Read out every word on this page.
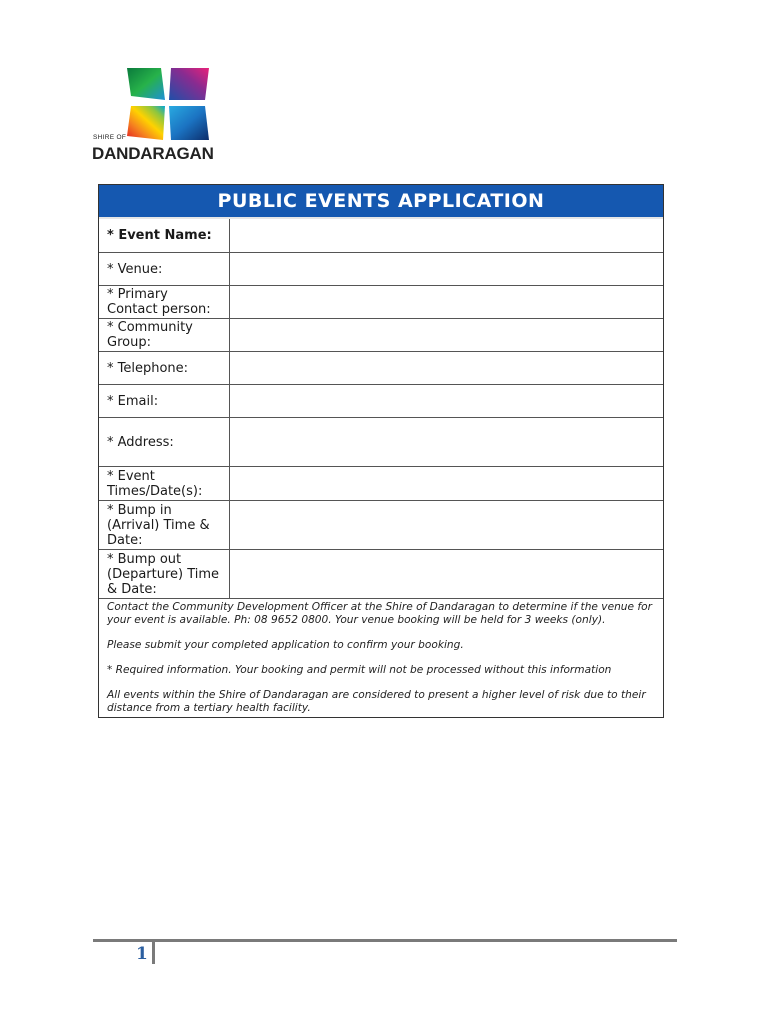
SHIRE OF
DANDARAGAN
PUBLIC EVENTS APPLICATION
* Event Name:
* Venue:
* Primary Contact person:
* Community Group:
* Telephone:
* Email:
* Address:
* Event Times/Date(s):
* Bump in (Arrival) Time & Date:
* Bump out (Departure) Time & Date:

Contact the Community Development Officer at the Shire of Dandaragan to determine if the venue for your event is available. Ph: 08 9652 0800. Your venue booking will be held for 3 weeks (only).

Please submit your completed application to confirm your booking.

* Required information. Your booking and permit will not be processed without this information

All events within the Shire of Dandaragan are considered to present a higher level of risk due to their distance from a tertiary health facility.

1
